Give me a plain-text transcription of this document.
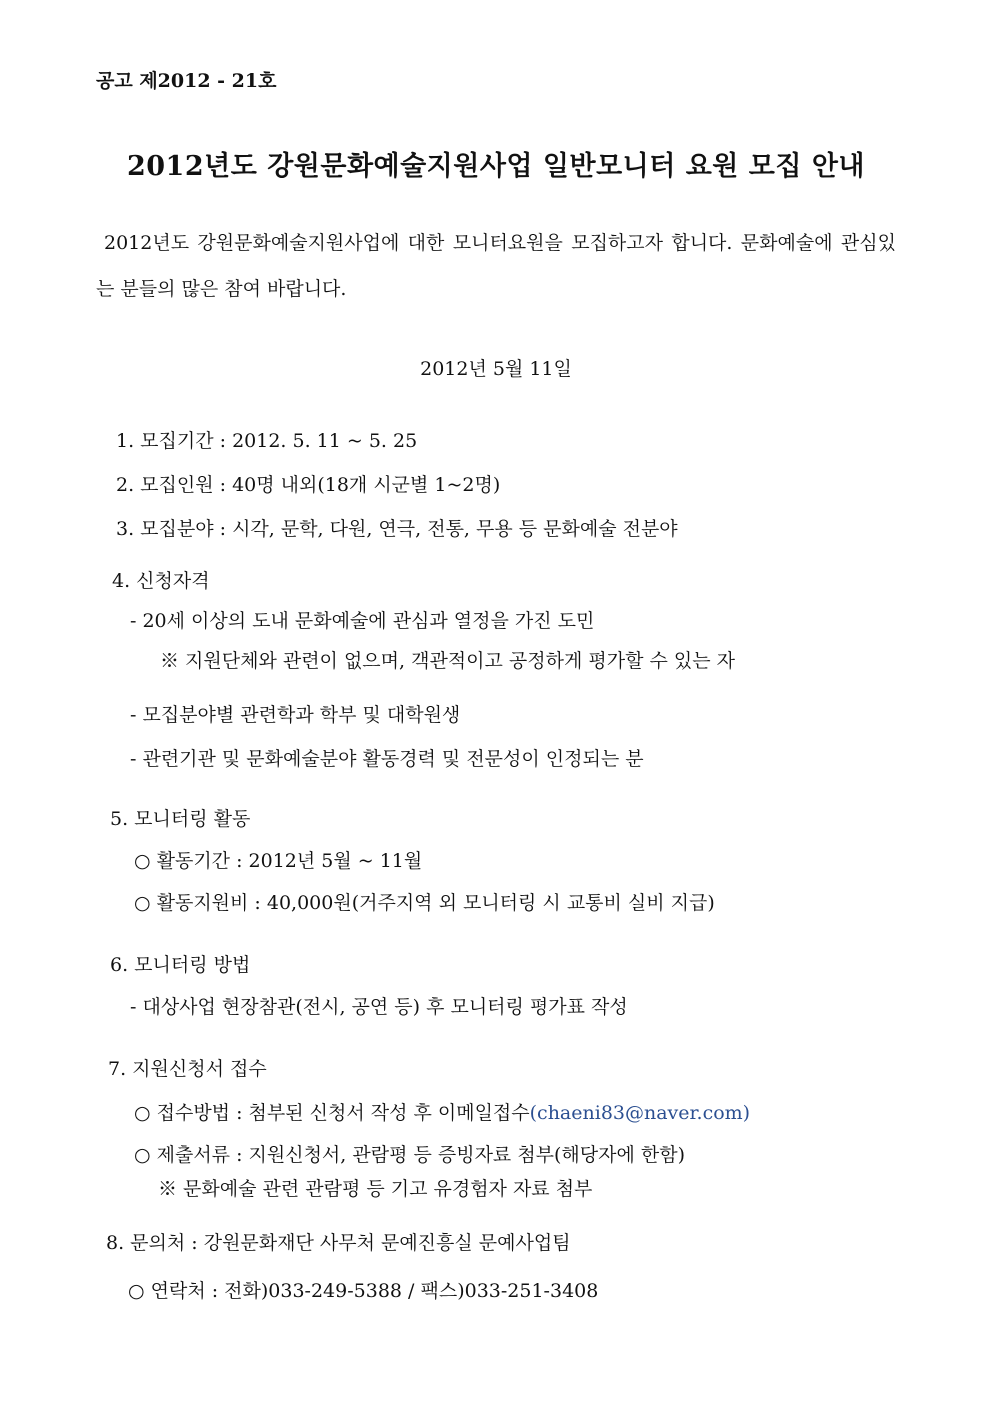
공고 제2012 - 21호
2012년도 강원문화예술지원사업 일반모니터 요원 모집 안내
2012년도 강원문화예술지원사업에 대한 모니터요원을 모집하고자 합니다. 문화예술에 관심있는 분들의 많은 참여 바랍니다.
2012년 5월 11일
1. 모집기간 : 2012. 5. 11 ~ 5. 25
2. 모집인원 : 40명 내외(18개 시군별 1~2명)
3. 모집분야 : 시각, 문학, 다원, 연극, 전통, 무용 등 문화예술 전분야
4. 신청자격
- 20세 이상의 도내 문화예술에 관심과 열정을 가진 도민
※ 지원단체와 관련이 없으며, 객관적이고 공정하게 평가할 수 있는 자
- 모집분야별 관련학과 학부 및 대학원생
- 관련기관 및 문화예술분야 활동경력 및 전문성이 인정되는 분
5. 모니터링 활동
○ 활동기간 : 2012년 5월 ~ 11월
○ 활동지원비 : 40,000원(거주지역 외 모니터링 시 교통비 실비 지급)
6. 모니터링 방법
- 대상사업 현장참관(전시, 공연 등) 후 모니터링 평가표 작성
7. 지원신청서 접수
○ 접수방법 : 첨부된 신청서 작성 후 이메일접수(chaeni83@naver.com)
○ 제출서류 : 지원신청서, 관람평 등 증빙자료 첨부(해당자에 한함)
※ 문화예술 관련 관람평 등 기고 유경험자 자료 첨부
8. 문의처 : 강원문화재단 사무처 문예진흥실 문예사업팀
○ 연락처 : 전화)033-249-5388 / 팩스)033-251-3408
